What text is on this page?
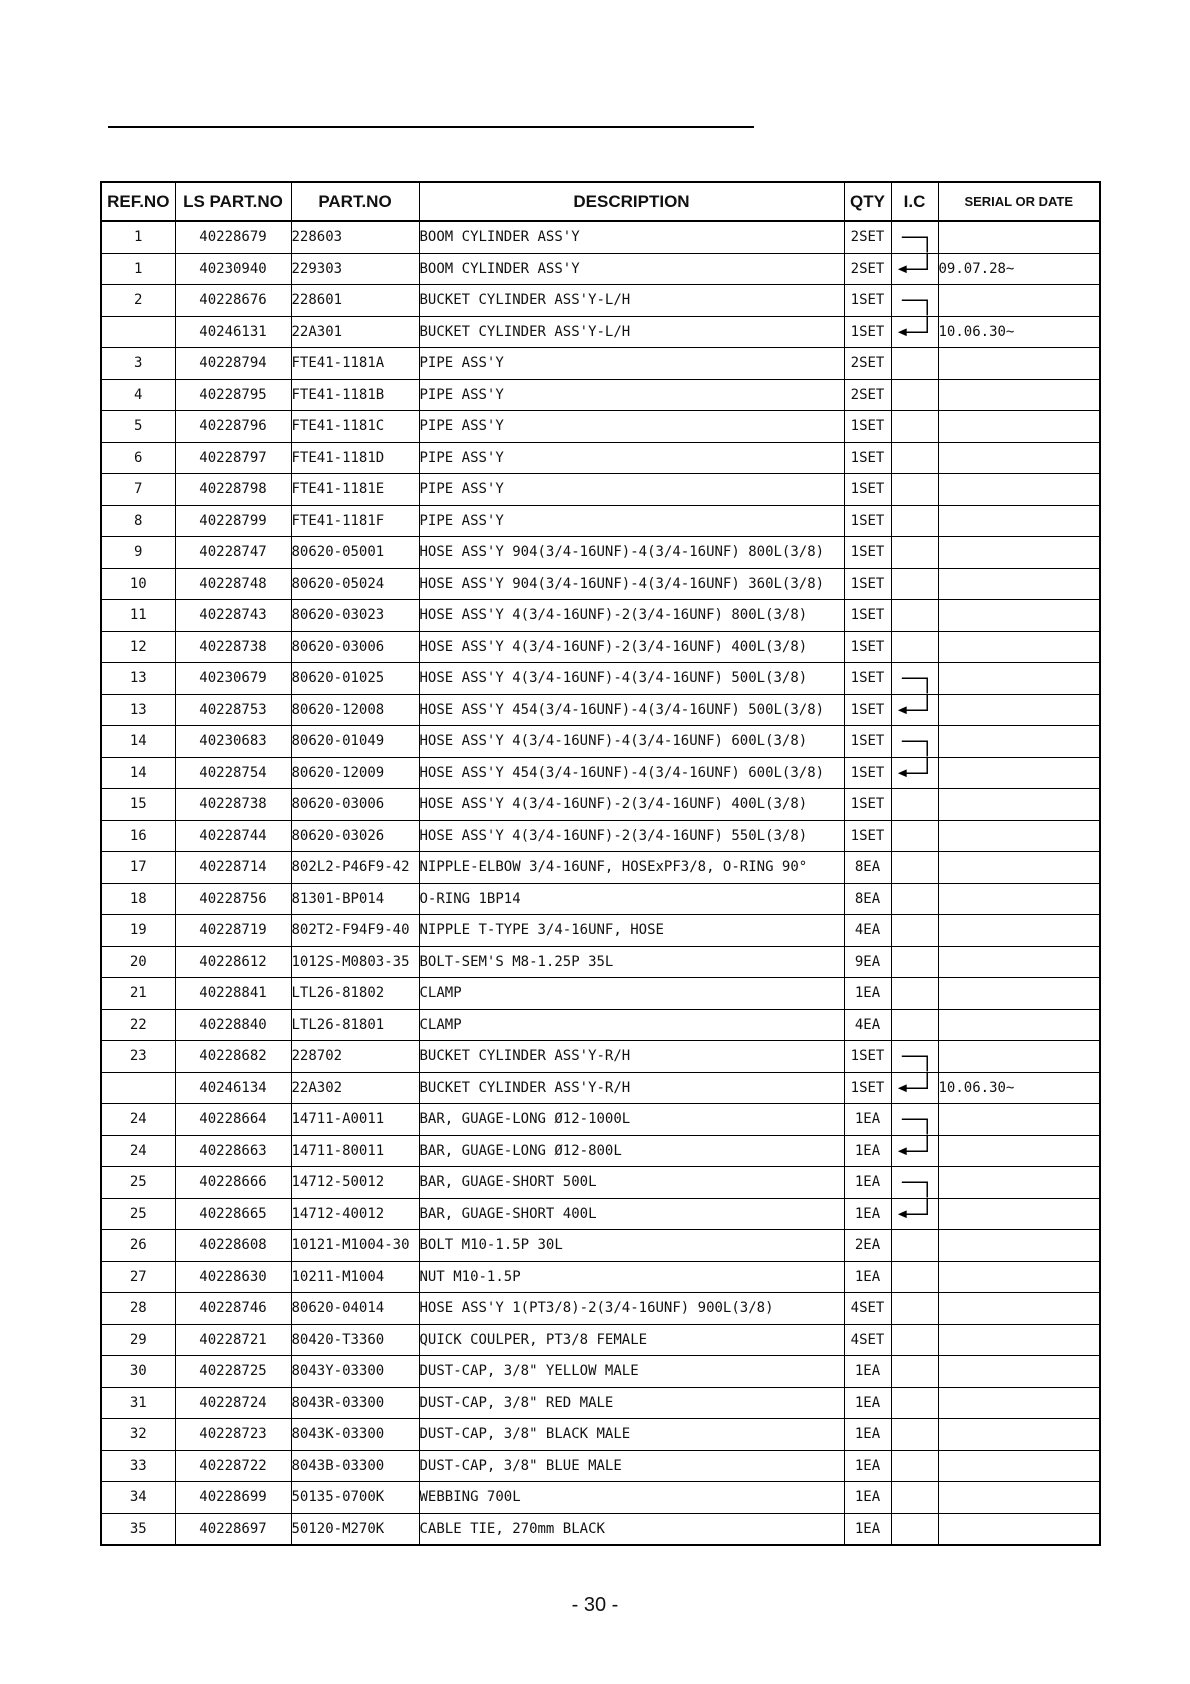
REF.NO	LS PART.NO	PART.NO	DESCRIPTION	QTY	I.C	SERIAL OR DATE
1	40228679	228603	BOOM CYLINDER ASS'Y	2SET	

1	40230940	229303	BOOM CYLINDER ASS'Y	2SET		09.07.28~
2	40228676	228601	BUCKET CYLINDER ASS'Y-L/H	1SET	

	40246131	22A301	BUCKET CYLINDER ASS'Y-L/H	1SET		10.06.30~
3	40228794	FTE41-1181A	PIPE ASS'Y	2SET		
4	40228795	FTE41-1181B	PIPE ASS'Y	2SET		
5	40228796	FTE41-1181C	PIPE ASS'Y	1SET		
6	40228797	FTE41-1181D	PIPE ASS'Y	1SET		
7	40228798	FTE41-1181E	PIPE ASS'Y	1SET		
8	40228799	FTE41-1181F	PIPE ASS'Y	1SET		
9	40228747	80620-05001	HOSE ASS'Y 904(3/4-16UNF)-4(3/4-16UNF) 800L(3/8)	1SET		
10	40228748	80620-05024	HOSE ASS'Y 904(3/4-16UNF)-4(3/4-16UNF) 360L(3/8)	1SET		
11	40228743	80620-03023	HOSE ASS'Y 4(3/4-16UNF)-2(3/4-16UNF) 800L(3/8)	1SET		
12	40228738	80620-03006	HOSE ASS'Y 4(3/4-16UNF)-2(3/4-16UNF) 400L(3/8)	1SET		
13	40230679	80620-01025	HOSE ASS'Y 4(3/4-16UNF)-4(3/4-16UNF) 500L(3/8)	1SET	

13	40228753	80620-12008	HOSE ASS'Y 454(3/4-16UNF)-4(3/4-16UNF) 500L(3/8)	1SET	

14	40230683	80620-01049	HOSE ASS'Y 4(3/4-16UNF)-4(3/4-16UNF) 600L(3/8)	1SET	

14	40228754	80620-12009	HOSE ASS'Y 454(3/4-16UNF)-4(3/4-16UNF) 600L(3/8)	1SET	

15	40228738	80620-03006	HOSE ASS'Y 4(3/4-16UNF)-2(3/4-16UNF) 400L(3/8)	1SET		
16	40228744	80620-03026	HOSE ASS'Y 4(3/4-16UNF)-2(3/4-16UNF) 550L(3/8)	1SET		
17	40228714	802L2-P46F9-42	NIPPLE-ELBOW 3/4-16UNF, HOSExPF3/8, O-RING 90°	8EA		
18	40228756	81301-BP014	O-RING 1BP14	8EA		
19	40228719	802T2-F94F9-40	NIPPLE T-TYPE 3/4-16UNF, HOSE	4EA		
20	40228612	1012S-M0803-35	BOLT-SEM'S M8-1.25P 35L	9EA		
21	40228841	LTL26-81802	CLAMP	1EA		
22	40228840	LTL26-81801	CLAMP	4EA		
23	40228682	228702	BUCKET CYLINDER ASS'Y-R/H	1SET	

	40246134	22A302	BUCKET CYLINDER ASS'Y-R/H	1SET		10.06.30~
24	40228664	14711-A0011	BAR, GUAGE-LONG Ø12-1000L	1EA	

24	40228663	14711-80011	BAR, GUAGE-LONG Ø12-800L	1EA	

25	40228666	14712-50012	BAR, GUAGE-SHORT 500L	1EA	

25	40228665	14712-40012	BAR, GUAGE-SHORT 400L	1EA	

26	40228608	10121-M1004-30	BOLT M10-1.5P 30L	2EA		
27	40228630	10211-M1004	NUT M10-1.5P	1EA		
28	40228746	80620-04014	HOSE ASS'Y 1(PT3/8)-2(3/4-16UNF) 900L(3/8)	4SET		
29	40228721	80420-T3360	QUICK COULPER, PT3/8 FEMALE	4SET		
30	40228725	8043Y-03300	DUST-CAP, 3/8" YELLOW MALE	1EA		
31	40228724	8043R-03300	DUST-CAP, 3/8" RED MALE	1EA		
32	40228723	8043K-03300	DUST-CAP, 3/8" BLACK MALE	1EA		
33	40228722	8043B-03300	DUST-CAP, 3/8" BLUE MALE	1EA		
34	40228699	50135-0700K	WEBBING 700L	1EA		
35	40228697	50120-M270K	CABLE TIE, 270mm BLACK	1EA		
- 30 -
